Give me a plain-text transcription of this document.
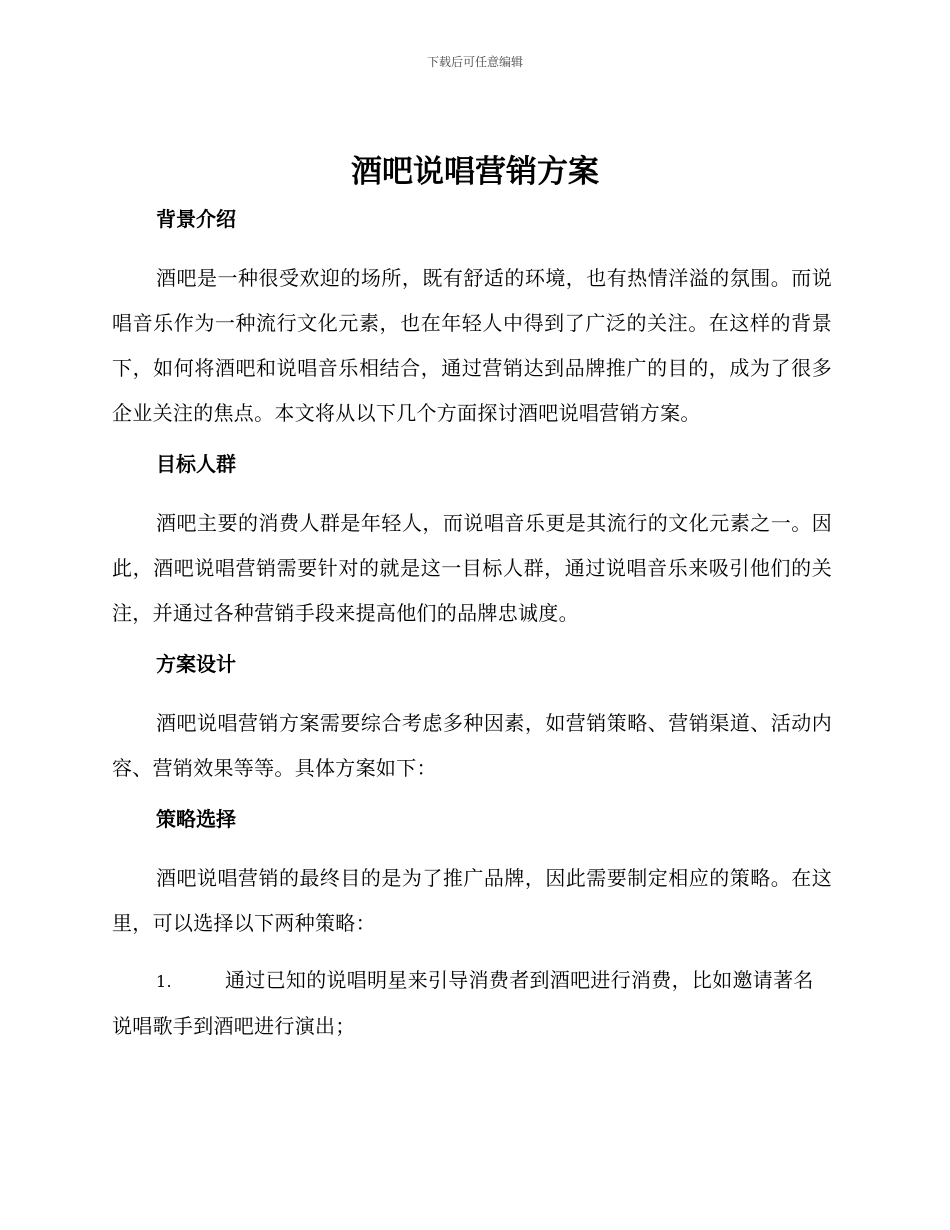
下载后可任意编辑
酒吧说唱营销方案
背景介绍

酒吧是一种很受欢迎的场所，既有舒适的环境，也有热情洋溢的氛围。而说唱音乐作为一种流行文化元素，也在年轻人中得到了广泛的关注。在这样的背景下，如何将酒吧和说唱音乐相结合，通过营销达到品牌推广的目的，成为了很多企业关注的焦点。本文将从以下几个方面探讨酒吧说唱营销方案。

目标人群

酒吧主要的消费人群是年轻人，而说唱音乐更是其流行的文化元素之一。因此，酒吧说唱营销需要针对的就是这一目标人群，通过说唱音乐来吸引他们的关注，并通过各种营销手段来提高他们的品牌忠诚度。

方案设计

酒吧说唱营销方案需要综合考虑多种因素，如营销策略、营销渠道、活动内容、营销效果等等。具体方案如下：

策略选择

酒吧说唱营销的最终目的是为了推广品牌，因此需要制定相应的策略。在这里，可以选择以下两种策略：

1.	通过已知的说唱明星来引导消费者到酒吧进行消费，比如邀请著名说唱歌手到酒吧进行演出；
